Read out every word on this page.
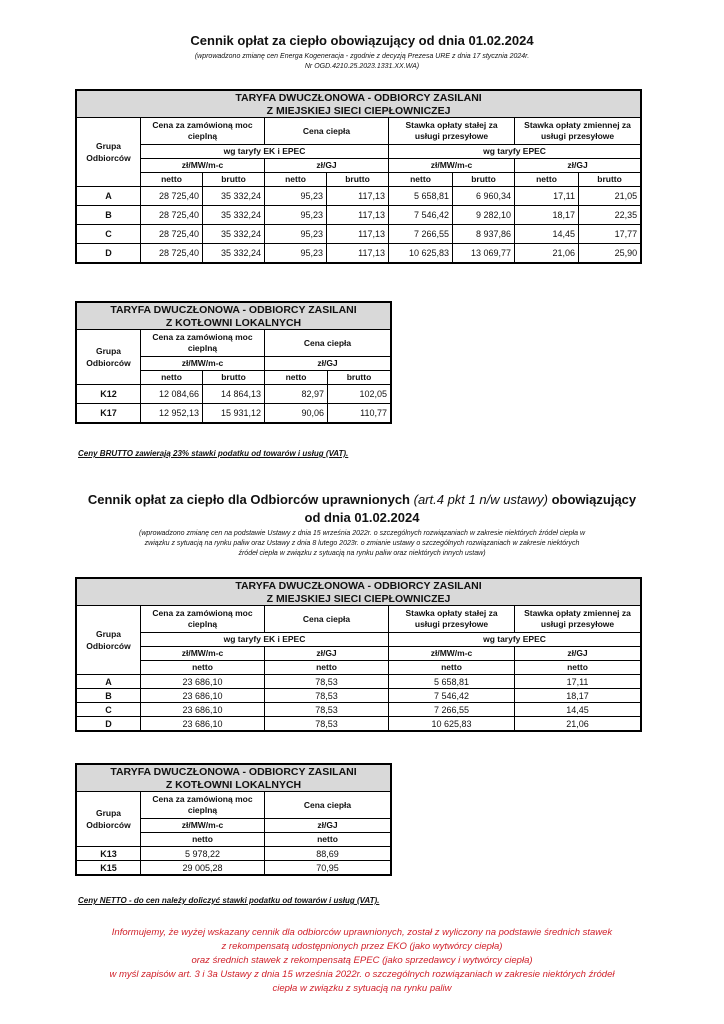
Cennik opłat za ciepło obowiązujący od dnia 01.02.2024
(wprowadzono zmianę cen Energa Kogeneracja - zgodnie z decyzją Prezesa URE z dnia 17 stycznia 2024r.
Nr OGD.4210.25.2023.1331.XX.WA)
TARYFA DWUCZŁONOWA - ODBIORCY ZASILANI								
Z MIEJSKIEJ SIECI CIEPŁOWNICZEJ								
Grupa Odbiorców	Cena za zamówioną moc cieplną		Cena ciepła		Stawka opłaty stałej za usługi przesyłowe		Stawka opłaty zmiennej za usługi przesyłowe	
	wg taryfy EK i EPEC				wg taryfy EPEC			
	zł/MW/m-c		zł/GJ		zł/MW/m-c		zł/GJ	
	netto	brutto	netto	brutto	netto	brutto	netto	brutto
A	28 725,40	35 332,24	95,23	117,13	5 658,81	6 960,34	17,11	21,05
B	28 725,40	35 332,24	95,23	117,13	7 546,42	9 282,10	18,17	22,35
C	28 725,40	35 332,24	95,23	117,13	7 266,55	8 937,86	14,45	17,77
D	28 725,40	35 332,24	95,23	117,13	10 625,83	13 069,77	21,06	25,90
TARYFA DWUCZŁONOWA - ODBIORCY ZASILANI				
Z KOTŁOWNI LOKALNYCH				
Grupa Odbiorców	Cena za zamówioną moc cieplną		Cena ciepła	
	zł/MW/m-c		zł/GJ	
	netto	brutto	netto	brutto
K12	12 084,66	14 864,13	82,97	102,05
K17	12 952,13	15 931,12	90,06	110,77
Ceny BRUTTO zawierają 23% stawki podatku od towarów i usług (VAT).
Cennik opłat za ciepło dla Odbiorców uprawnionych (art.4 pkt 1 n/w ustawy) obowiązujący
od dnia 01.02.2024
(wprowadzono zmianę cen na podstawie Ustawy z dnia 15 września 2022r. o szczególnych rozwiązaniach w zakresie niektórych źródeł ciepła w
związku z sytuacją na rynku paliw oraz Ustawy z dnia 8 lutego 2023r. o zmianie ustawy o szczególnych rozwiązaniach w zakresie niektórych
źródeł ciepła w związku z sytuacją na rynku paliw oraz niektórych innych ustaw)
TARYFA DWUCZŁONOWA - ODBIORCY ZASILANI				
Z MIEJSKIEJ SIECI CIEPŁOWNICZEJ				
Grupa Odbiorców	Cena za zamówioną moc cieplną	Cena ciepła	Stawka opłaty stałej za usługi przesyłowe	Stawka opłaty zmiennej za usługi przesyłowe
	wg taryfy EK i EPEC		wg taryfy EPEC	
	zł/MW/m-c	zł/GJ	zł/MW/m-c	zł/GJ
	netto	netto	netto	netto
A	23 686,10	78,53	5 658,81	17,11
B	23 686,10	78,53	7 546,42	18,17
C	23 686,10	78,53	7 266,55	14,45
D	23 686,10	78,53	10 625,83	21,06
TARYFA DWUCZŁONOWA - ODBIORCY ZASILANI		
Z KOTŁOWNI LOKALNYCH		
Grupa Odbiorców	Cena za zamówioną moc cieplną	Cena ciepła
	zł/MW/m-c	zł/GJ
	netto	netto
K13	5 978,22	88,69
K15	29 005,28	70,95
Ceny NETTO - do cen należy doliczyć stawki podatku od towarów i usług (VAT).
Informujemy, że wyżej wskazany cennik dla odbiorców uprawnionych, został z wyliczony na podstawie średnich stawek
z rekompensatą udostępnionych przez EKO (jako wytwórcy ciepła)
oraz średnich stawek z rekompensatą EPEC (jako sprzedawcy i wytwórcy ciepła)
w myśl zapisów art. 3 i 3a Ustawy z dnia 15 września 2022r. o szczególnych rozwiązaniach w zakresie niektórych źródeł
ciepła w związku z sytuacją na rynku paliw
